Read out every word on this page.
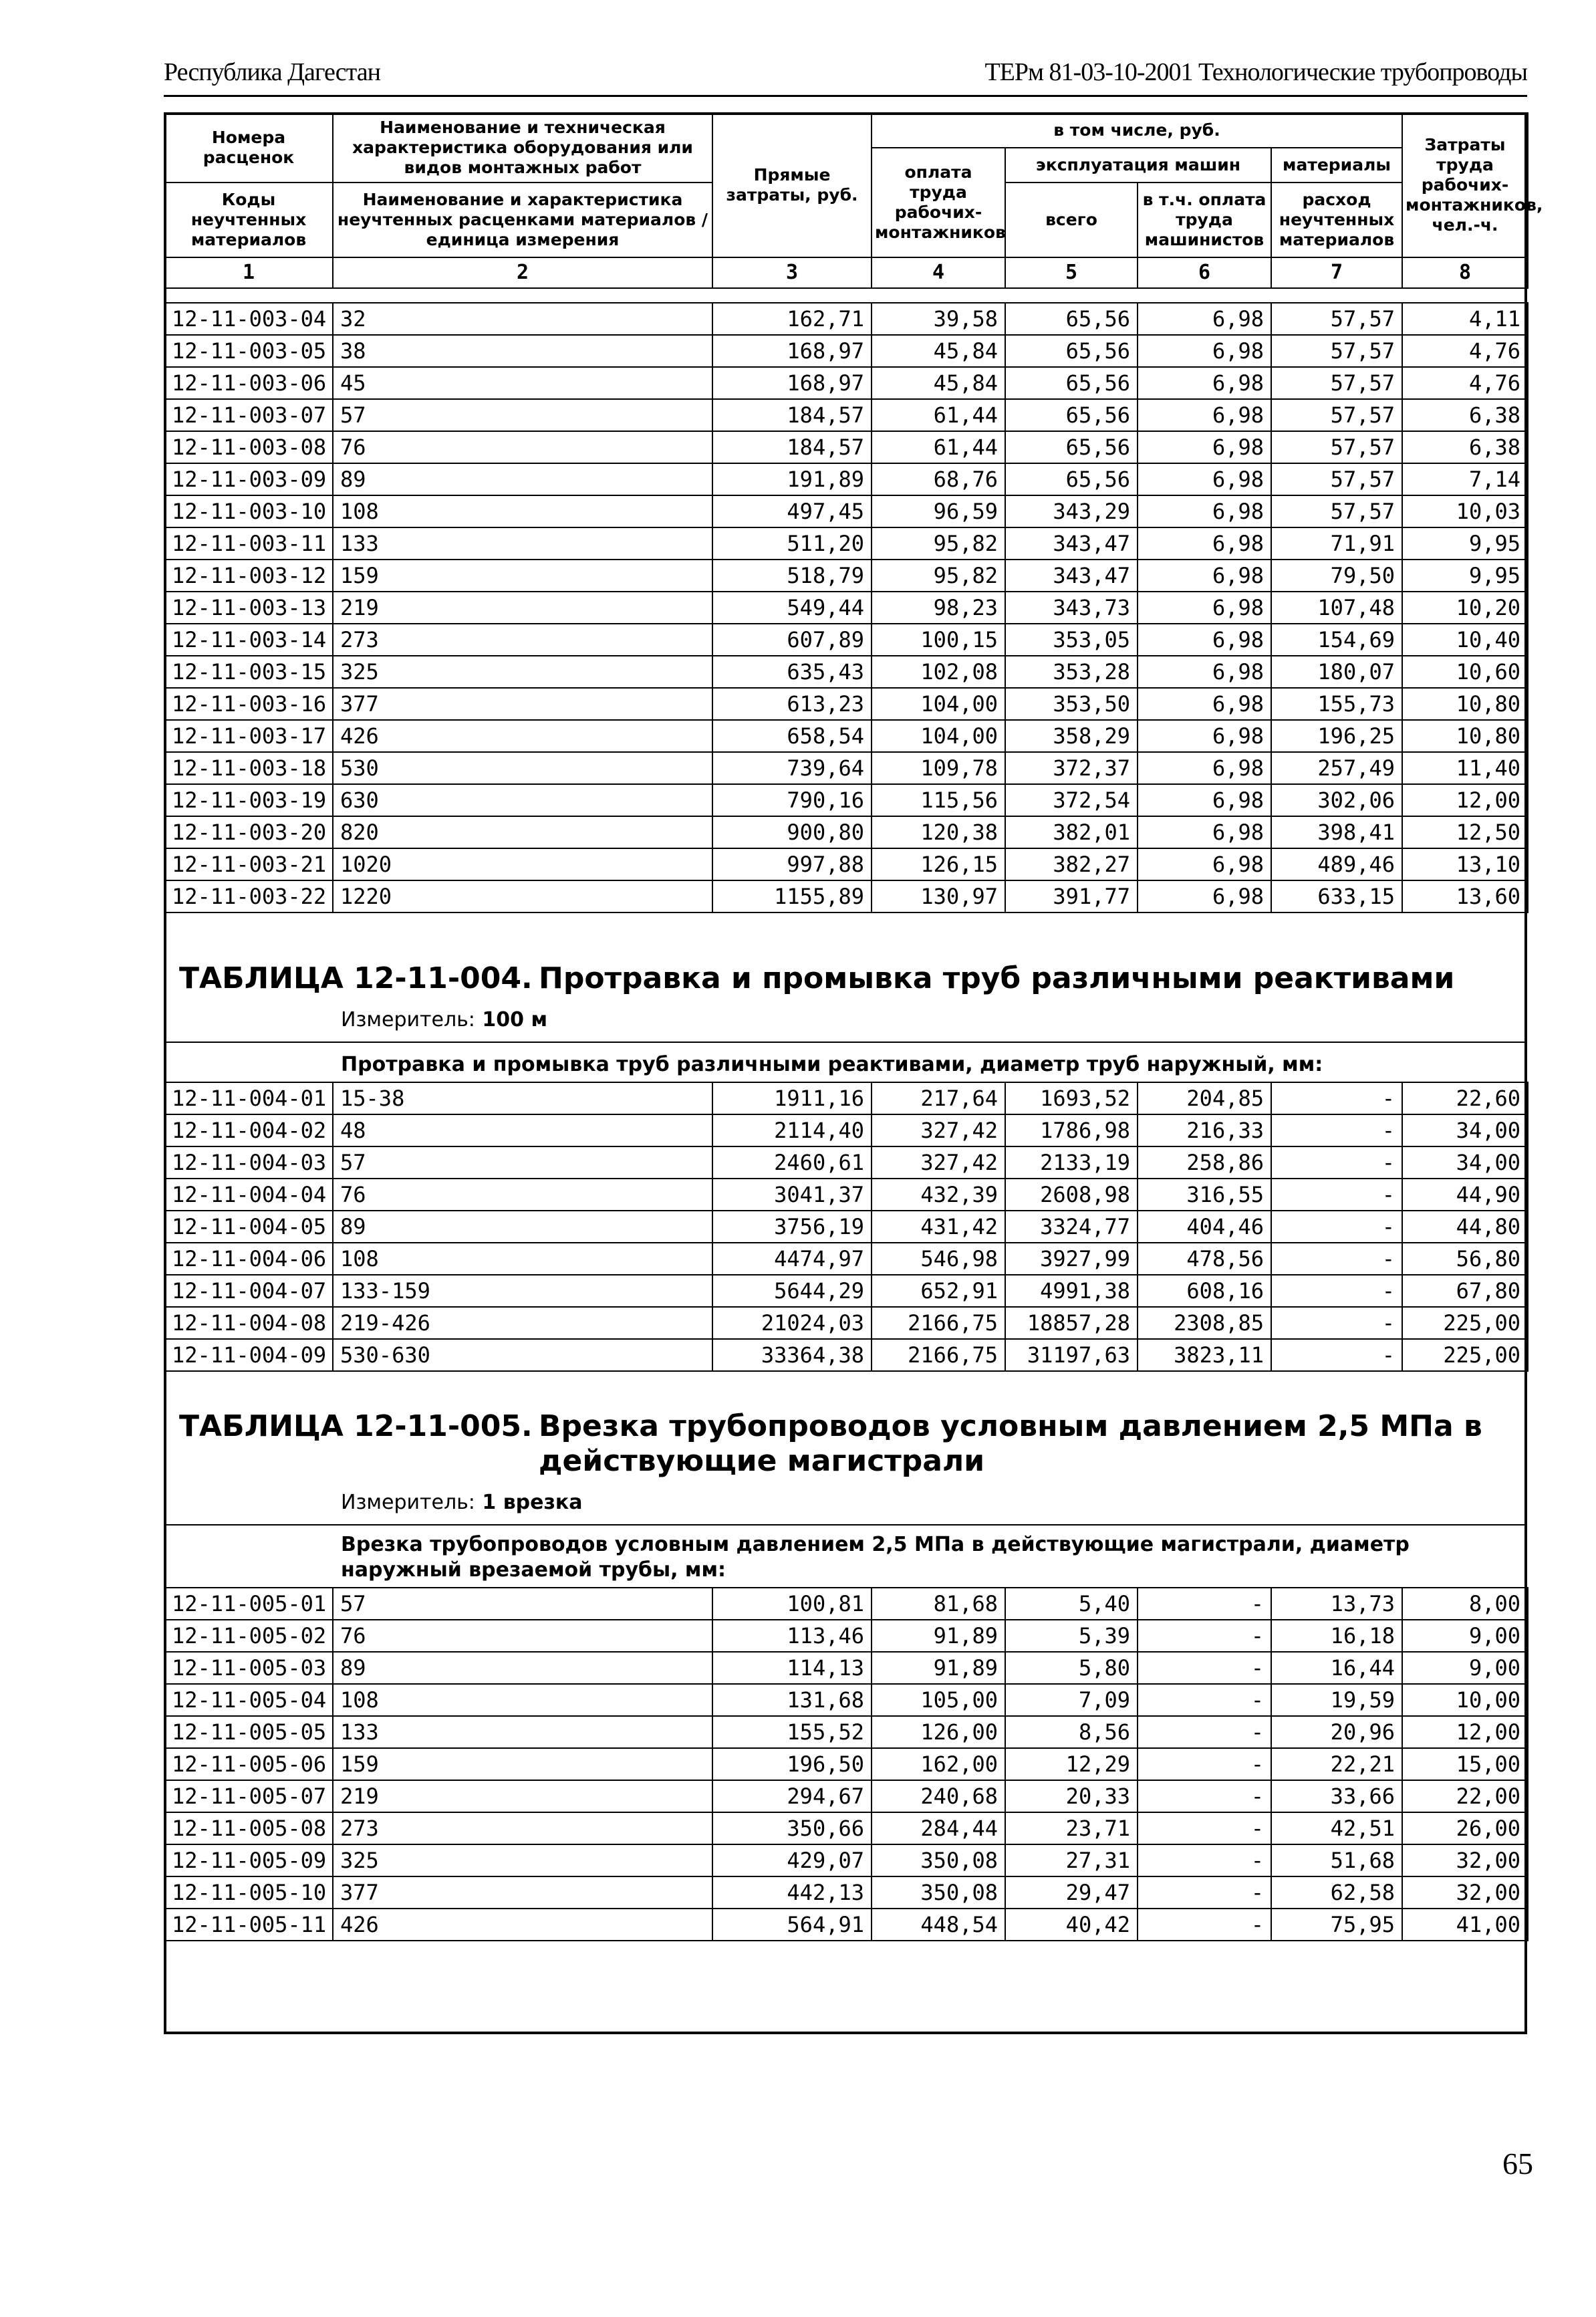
Республика Дагестан	ТЕРм 81-03-10-2001 Технологические трубопроводы
Номера расценок	Наименование и техническая характеристика оборудования или видов монтажных работ	Прямые затраты, руб.	в том числе, руб.				Затраты труда рабочих-монтажников, чел.-ч.
			оплата труда рабочих-монтажников	эксплуатация машин		материалы	
Коды неучтенных материалов	Наименование и характеристика неучтенных расценками материалов / единица измерения			всего	в т.ч. оплата труда машинистов	расход неучтенных материалов	

1	2	3	4	5	6	7	8
12-11-003-04	32	162,71	39,58	65,56	6,98	57,57	4,11
12-11-003-05	38	168,97	45,84	65,56	6,98	57,57	4,76
12-11-003-06	45	168,97	45,84	65,56	6,98	57,57	4,76
12-11-003-07	57	184,57	61,44	65,56	6,98	57,57	6,38
12-11-003-08	76	184,57	61,44	65,56	6,98	57,57	6,38
12-11-003-09	89	191,89	68,76	65,56	6,98	57,57	7,14
12-11-003-10	108	497,45	96,59	343,29	6,98	57,57	10,03
12-11-003-11	133	511,20	95,82	343,47	6,98	71,91	9,95
12-11-003-12	159	518,79	95,82	343,47	6,98	79,50	9,95
12-11-003-13	219	549,44	98,23	343,73	6,98	107,48	10,20
12-11-003-14	273	607,89	100,15	353,05	6,98	154,69	10,40
12-11-003-15	325	635,43	102,08	353,28	6,98	180,07	10,60
12-11-003-16	377	613,23	104,00	353,50	6,98	155,73	10,80
12-11-003-17	426	658,54	104,00	358,29	6,98	196,25	10,80
12-11-003-18	530	739,64	109,78	372,37	6,98	257,49	11,40
12-11-003-19	630	790,16	115,56	372,54	6,98	302,06	12,00
12-11-003-20	820	900,80	120,38	382,01	6,98	398,41	12,50
12-11-003-21	1020	997,88	126,15	382,27	6,98	489,46	13,10
12-11-003-22	1220	1155,89	130,97	391,77	6,98	633,15	13,60
ТАБЛИЦА 12-11-004. Протравка и промывка труб различными реактивами
Измеритель: 100 м
Протравка и промывка труб различными реактивами, диаметр труб наружный, мм:
12-11-004-01	15-38	1911,16	217,64	1693,52	204,85	-	22,60
12-11-004-02	48	2114,40	327,42	1786,98	216,33	-	34,00
12-11-004-03	57	2460,61	327,42	2133,19	258,86	-	34,00
12-11-004-04	76	3041,37	432,39	2608,98	316,55	-	44,90
12-11-004-05	89	3756,19	431,42	3324,77	404,46	-	44,80
12-11-004-06	108	4474,97	546,98	3927,99	478,56	-	56,80
12-11-004-07	133-159	5644,29	652,91	4991,38	608,16	-	67,80
12-11-004-08	219-426	21024,03	2166,75	18857,28	2308,85	-	225,00
12-11-004-09	530-630	33364,38	2166,75	31197,63	3823,11	-	225,00
ТАБЛИЦА 12-11-005. Врезка трубопроводов условным давлением 2,5 МПа в действующие магистрали
Измеритель: 1 врезка
Врезка трубопроводов условным давлением 2,5 МПа в действующие магистрали, диаметр наружный врезаемой трубы, мм:
12-11-005-01	57	100,81	81,68	5,40	-	13,73	8,00
12-11-005-02	76	113,46	91,89	5,39	-	16,18	9,00
12-11-005-03	89	114,13	91,89	5,80	-	16,44	9,00
12-11-005-04	108	131,68	105,00	7,09	-	19,59	10,00
12-11-005-05	133	155,52	126,00	8,56	-	20,96	12,00
12-11-005-06	159	196,50	162,00	12,29	-	22,21	15,00
12-11-005-07	219	294,67	240,68	20,33	-	33,66	22,00
12-11-005-08	273	350,66	284,44	23,71	-	42,51	26,00
12-11-005-09	325	429,07	350,08	27,31	-	51,68	32,00
12-11-005-10	377	442,13	350,08	29,47	-	62,58	32,00
12-11-005-11	426	564,91	448,54	40,42	-	75,95	41,00
65
